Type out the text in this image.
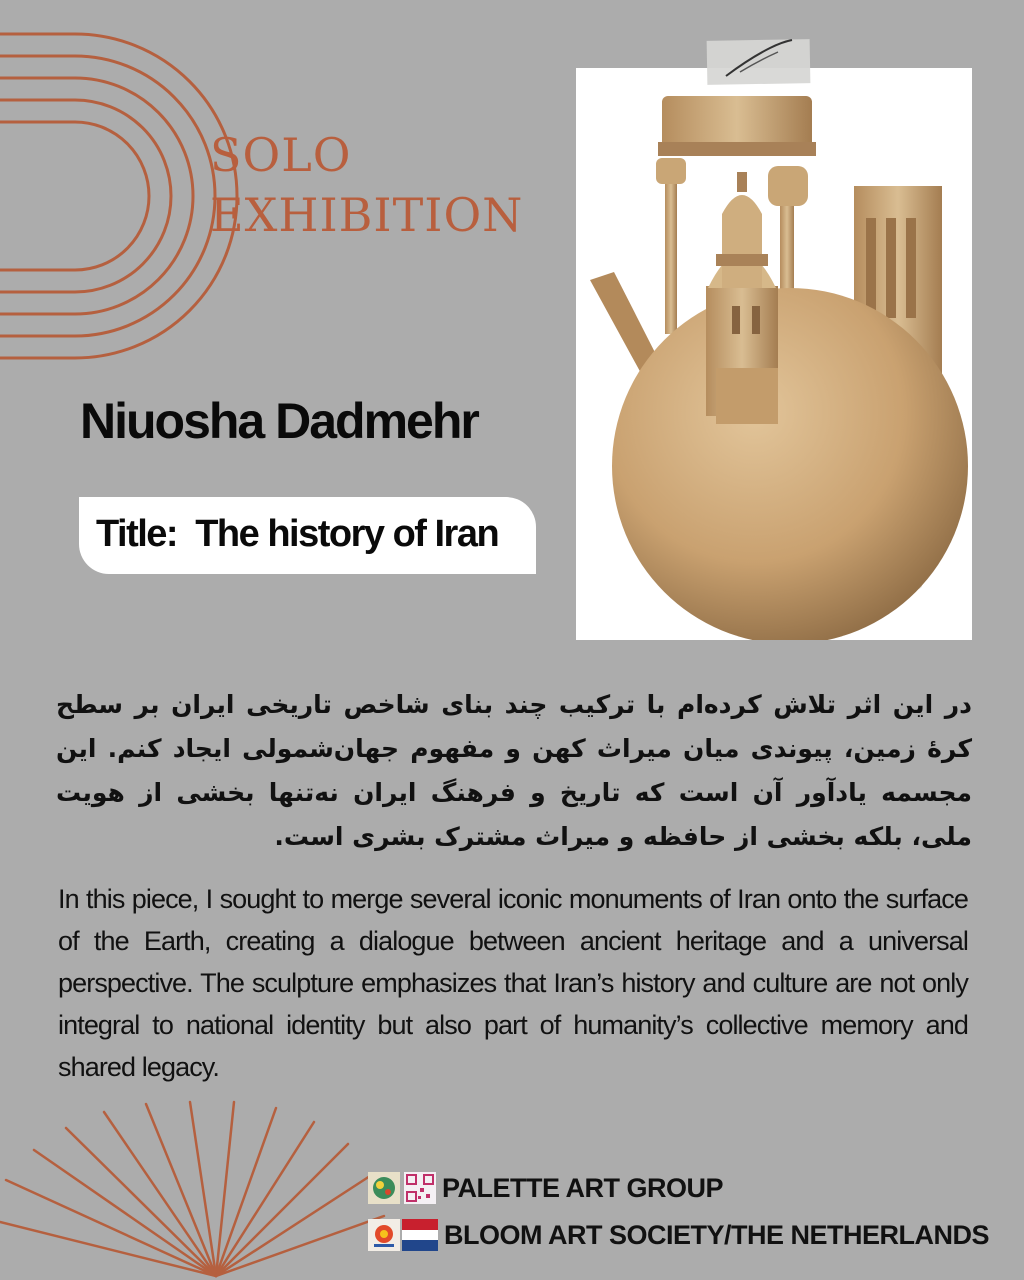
SOLO
EXHIBITION
Niuosha Dadmehr
Title:  The history of Iran

در این اثر تلاش کرده‌ام با ترکیب چند بنای شاخص تاریخی ایران بر سطح کرهٔ زمین، پیوندی میان میراث کهن و مفهوم جهان‌شمولی ایجاد کنم. این مجسمه یادآور آن است که تاریخ و فرهنگ ایران نه‌تنها بخشی از هویت ملی، بلکه بخشی از حافظه و میراث مشترک بشری است.

In this piece, I sought to merge several iconic monuments of Iran onto the surface of the Earth, creating a dialogue between ancient heritage and a universal perspective. The sculpture emphasizes that Iran’s history and culture are not only integral to national identity but also part of humanity’s collective memory and shared legacy.

PALETTE ART GROUP
BLOOM ART SOCIETY/THE NETHERLANDS
